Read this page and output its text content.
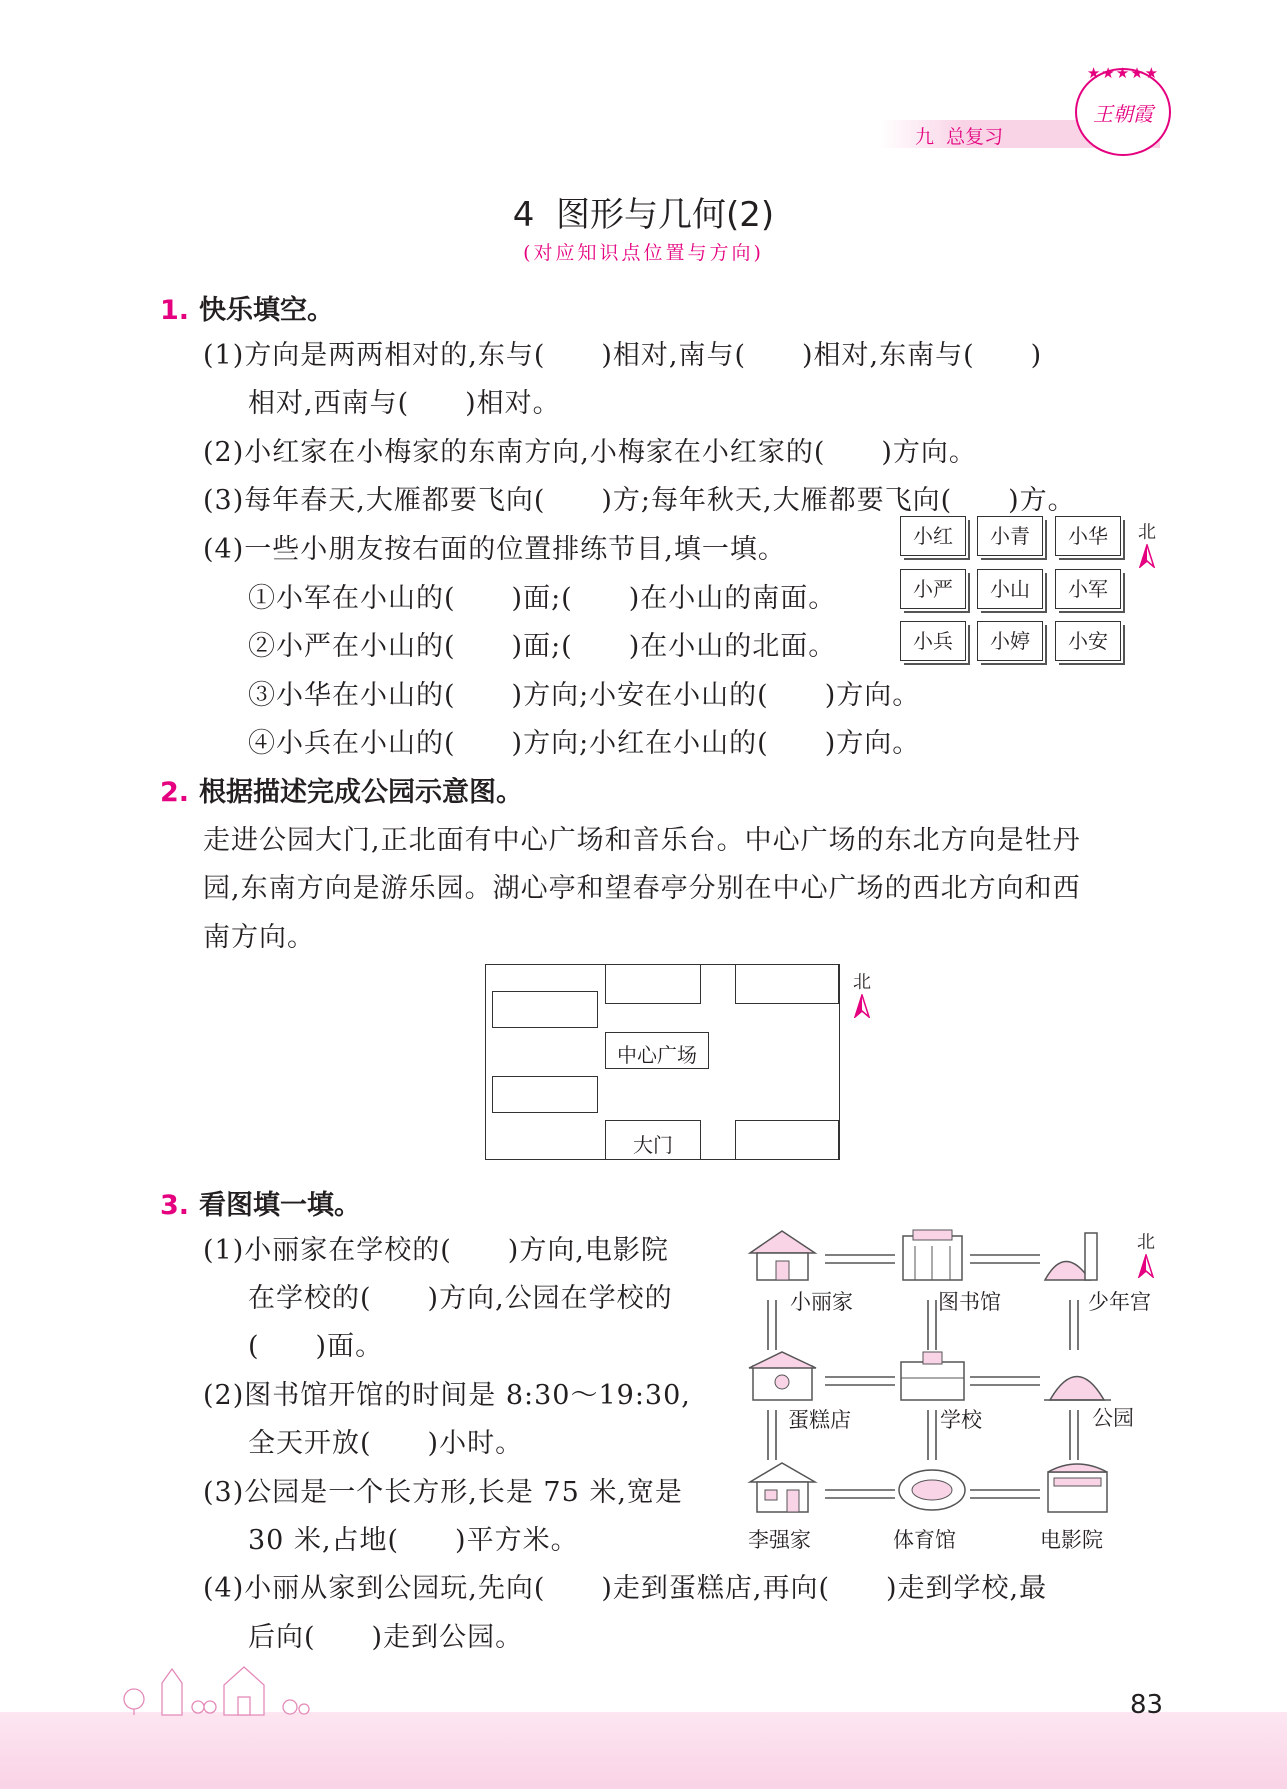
九  总复习
★★★★★
王朝霞
4  图形与几何(2)
(对应知识点位置与方向)
1. 快乐填空。
(1)方向是两两相对的,东与(　　)相对,南与(　　)相对,东南与(　　)
相对,西南与(　　)相对。
(2)小红家在小梅家的东南方向,小梅家在小红家的(　　)方向。
(3)每年春天,大雁都要飞向(　　)方;每年秋天,大雁都要飞向(　　)方。
(4)一些小朋友按右面的位置排练节目,填一填。
①小军在小山的(　　)面;(　　)在小山的南面。
②小严在小山的(　　)面;(　　)在小山的北面。
③小华在小山的(　　)方向;小安在小山的(　　)方向。
④小兵在小山的(　　)方向;小红在小山的(　　)方向。
小红	小青	小华
小严	小山	小军
小兵	小婷	小安
北
2. 根据描述完成公园示意图。
走进公园大门,正北面有中心广场和音乐台。中心广场的东北方向是牡丹
园,东南方向是游乐园。湖心亭和望春亭分别在中心广场的西北方向和西
南方向。
中心广场
大门
北
3. 看图填一填。
(1)小丽家在学校的(　　)方向,电影院
在学校的(　　)方向,公园在学校的
(　　)面。
(2)图书馆开馆的时间是 8:30～19:30,
全天开放(　　)小时。
(3)公园是一个长方形,长是 75 米,宽是
30 米,占地(　　)平方米。
(4)小丽从家到公园玩,先向(　　)走到蛋糕店,再向(　　)走到学校,最
后向(　　)走到公园。
小丽家	图书馆	少年宫
蛋糕店	学校	公园
李强家	体育馆	电影院
北
83
